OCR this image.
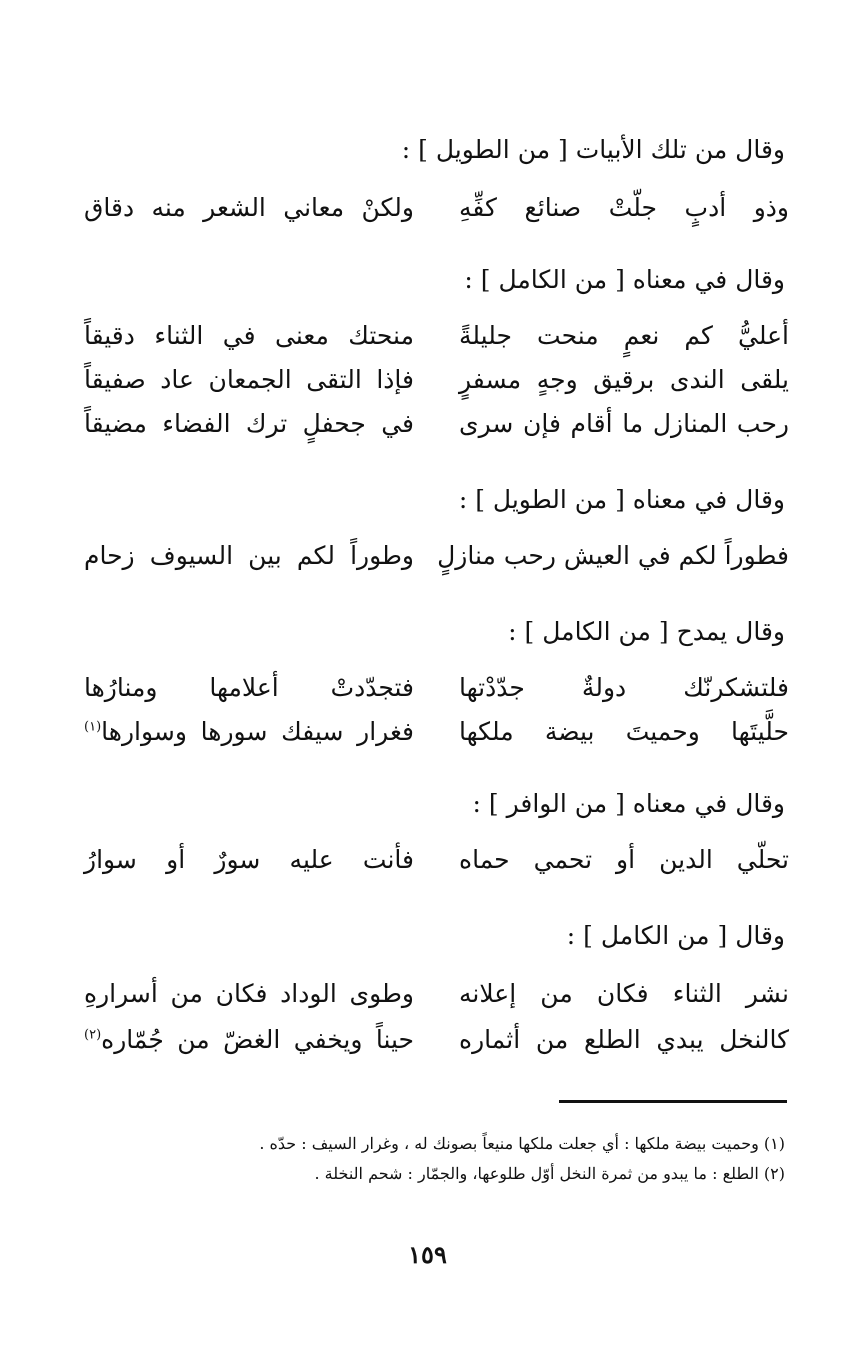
وقال من تلك الأبيات [ من الطويل ] :
وذو أدبٍ جلّتْ صنائع كفِّهِ
ولكنْ معاني الشعر منه دقاق
وقال في معناه [ من الكامل ] :
أعليُّ كم نعمٍ منحت جليلةً
منحتك معنى في الثناء دقيقاً
يلقى الندى برقيق وجهٍ مسفرٍ
فإذا التقى الجمعان عاد صفيقاً
رحب المنازل ما أقام فإن سرى
في جحفلٍ ترك الفضاء مضيقاً
وقال في معناه [ من الطويل ] :
فطوراً لكم في العيش رحب منازلٍ
وطوراً لكم بين السيوف زحام
وقال يمدح [ من الكامل ] :
فلتشكرنّك دولةٌ جدّدْتها
فتجدّدتْ أعلامها ومنارُها
حلَّيتَها وحميتَ بيضة ملكها
فغرار سيفك سورها وسوارها$^{(١)}$
وقال في معناه [ من الوافر ] :
تحلّي الدين أو تحمي حماه
فأنت عليه سورٌ أو سوارُ
وقال [ من الكامل ] :
نشر الثناء فكان من إعلانه
وطوى الوداد فكان من أسرارهِ
كالنخل يبدي الطلع من أثماره
حيناً ويخفي الغضّ من جُمّاره$^{(٢)}$
(١) وحميت بيضة ملكها : أي جعلت ملكها منيعاً بصونك له ، وغرار السيف : حدّه .
(٢) الطلع : ما يبدو من ثمرة النخل أوّل طلوعها، والجمّار : شحم النخلة .
١٥٩
